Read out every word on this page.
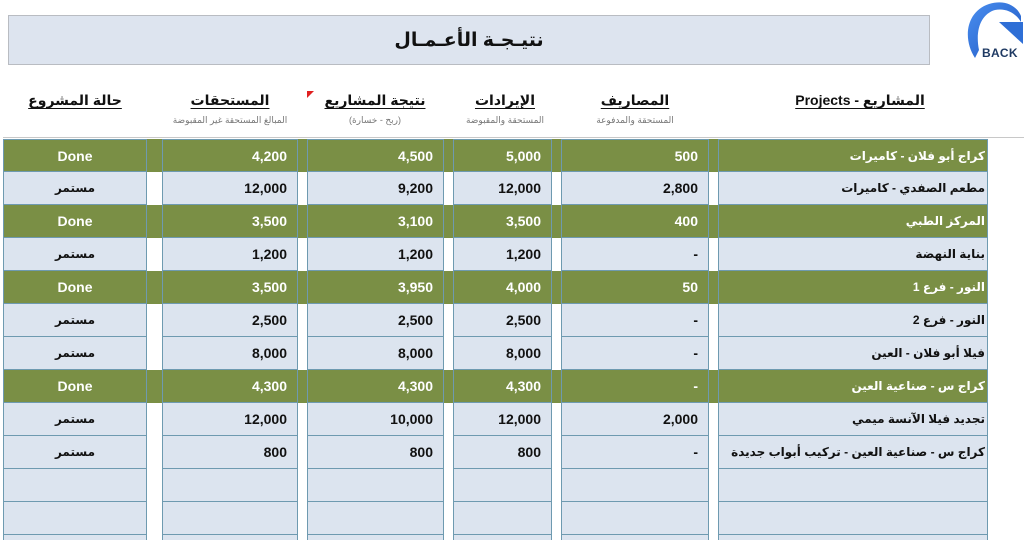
نتيـجـة الأعـمـال
BACK
المشاريع - Projects
المصاريف
المستحقة والمدفوعة
الإيرادات
المستحقة والمقبوضة
نتيجة المشاريع
(ربح - خسارة)
المستحقات
المبالغ المستحقة غير المقبوضة
حالة المشروع
Done	4,200	4,500	5,000	500	كراج أبو فلان - كاميرات
مستمر	12,000	9,200	12,000	2,800	مطعم الصفدي - كاميرات
Done	3,500	3,100	3,500	400	المركز الطبي
مستمر	1,200	1,200	1,200	-	بناية النهضة
Done	3,500	3,950	4,000	50	النور - فرع 1
مستمر	2,500	2,500	2,500	-	النور - فرع 2
مستمر	8,000	8,000	8,000	-	فيلا أبو فلان - العين
Done	4,300	4,300	4,300	-	كراج س - صناعية العين
مستمر	12,000	10,000	12,000	2,000	تجديد فيلا الآنسة ميمي
مستمر	800	800	800	-	كراج س - صناعية العين - تركيب أبواب جديدة
